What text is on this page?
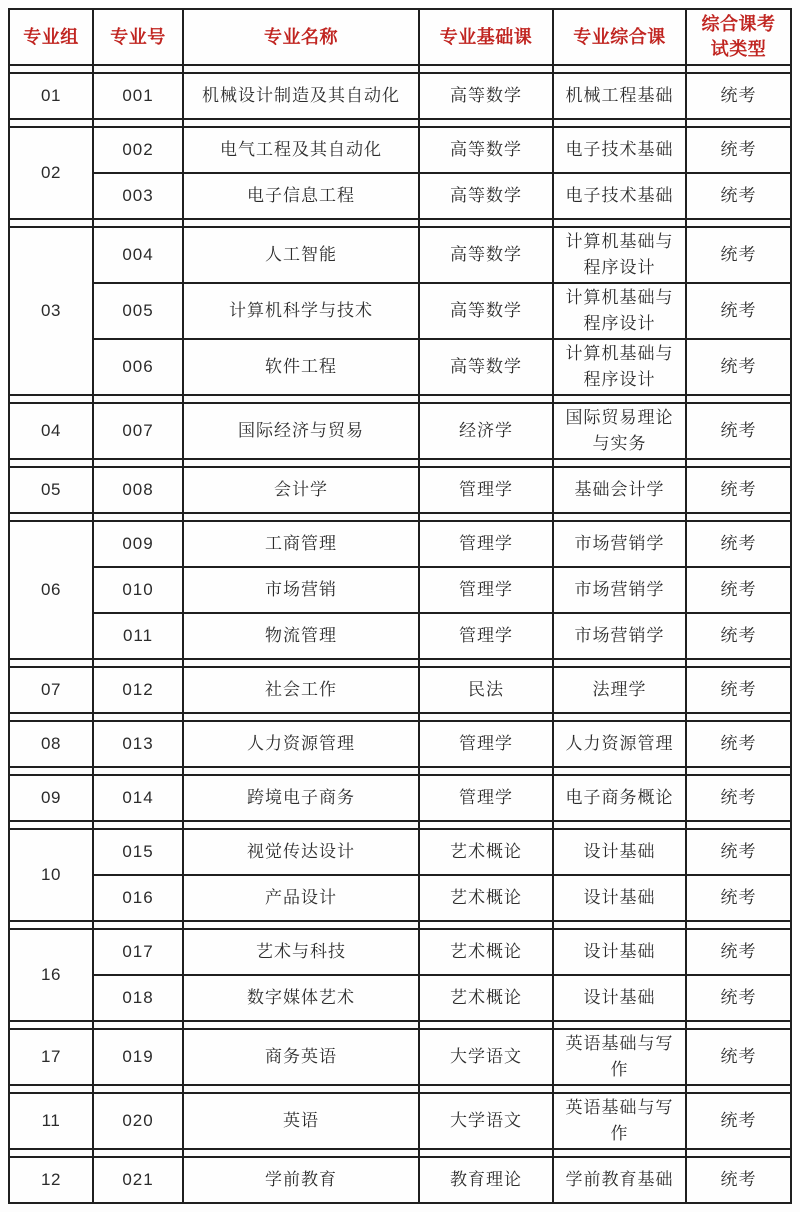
专业组	专业号	专业名称	专业基础课	专业综合课	综合课考试类型

01	001	机械设计制造及其自动化	高等数学	机械工程基础	统考

02	002	电气工程及其自动化	高等数学	电子技术基础	统考
	003	电子信息工程	高等数学	电子技术基础	统考

03	004	人工智能	高等数学	计算机基础与程序设计	统考
	005	计算机科学与技术	高等数学	计算机基础与程序设计	统考
	006	软件工程	高等数学	计算机基础与程序设计	统考

04	007	国际经济与贸易	经济学	国际贸易理论与实务	统考

05	008	会计学	管理学	基础会计学	统考

06	009	工商管理	管理学	市场营销学	统考
	010	市场营销	管理学	市场营销学	统考
	011	物流管理	管理学	市场营销学	统考

07	012	社会工作	民法	法理学	统考

08	013	人力资源管理	管理学	人力资源管理	统考

09	014	跨境电子商务	管理学	电子商务概论	统考

10	015	视觉传达设计	艺术概论	设计基础	统考
	016	产品设计	艺术概论	设计基础	统考

16	017	艺术与科技	艺术概论	设计基础	统考
	018	数字媒体艺术	艺术概论	设计基础	统考

17	019	商务英语	大学语文	英语基础与写作	统考

11	020	英语	大学语文	英语基础与写作	统考

12	021	学前教育	教育理论	学前教育基础	统考
